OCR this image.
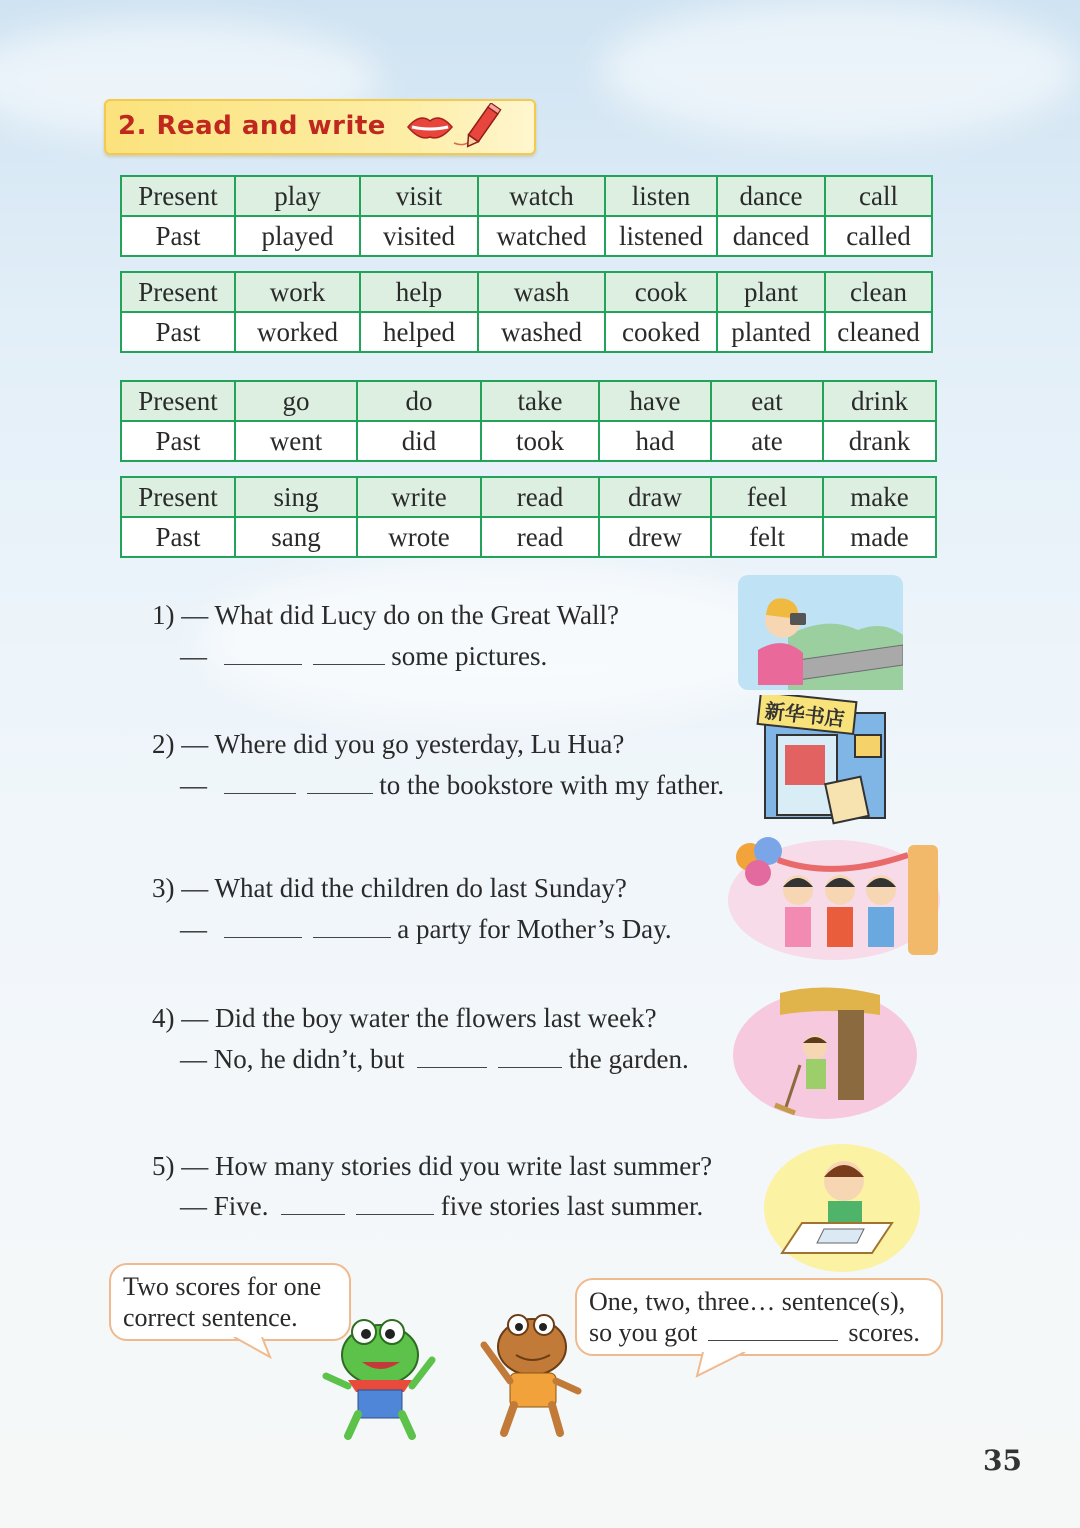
2. Read and write
Present	play	visit	watch	listen	dance	call
Past	played	visited	watched	listened	danced	called
Present	work	help	wash	cook	plant	clean
Past	worked	helped	washed	cooked	planted	cleaned
Present	go	do	take	have	eat	drink
Past	went	did	took	had	ate	drank
Present	sing	write	read	draw	feel	make
Past	sang	wrote	read	drew	felt	made
1) — What did Lucy do on the Great Wall?
—	some pictures.
2) — Where did you go yesterday, Lu Hua?
—	to the bookstore with my father.
新华书店
3) — What did the children do last Sunday?
—	a party for Mother’s Day.
4) — Did the boy water the flowers last week?
— No, he didn’t, but	the garden.
5) — How many stories did you write last summer?
— Five.	five stories last summer.
Two scores for one
correct sentence.
One, two, three… sentence(s),
so you got	scores.
35
